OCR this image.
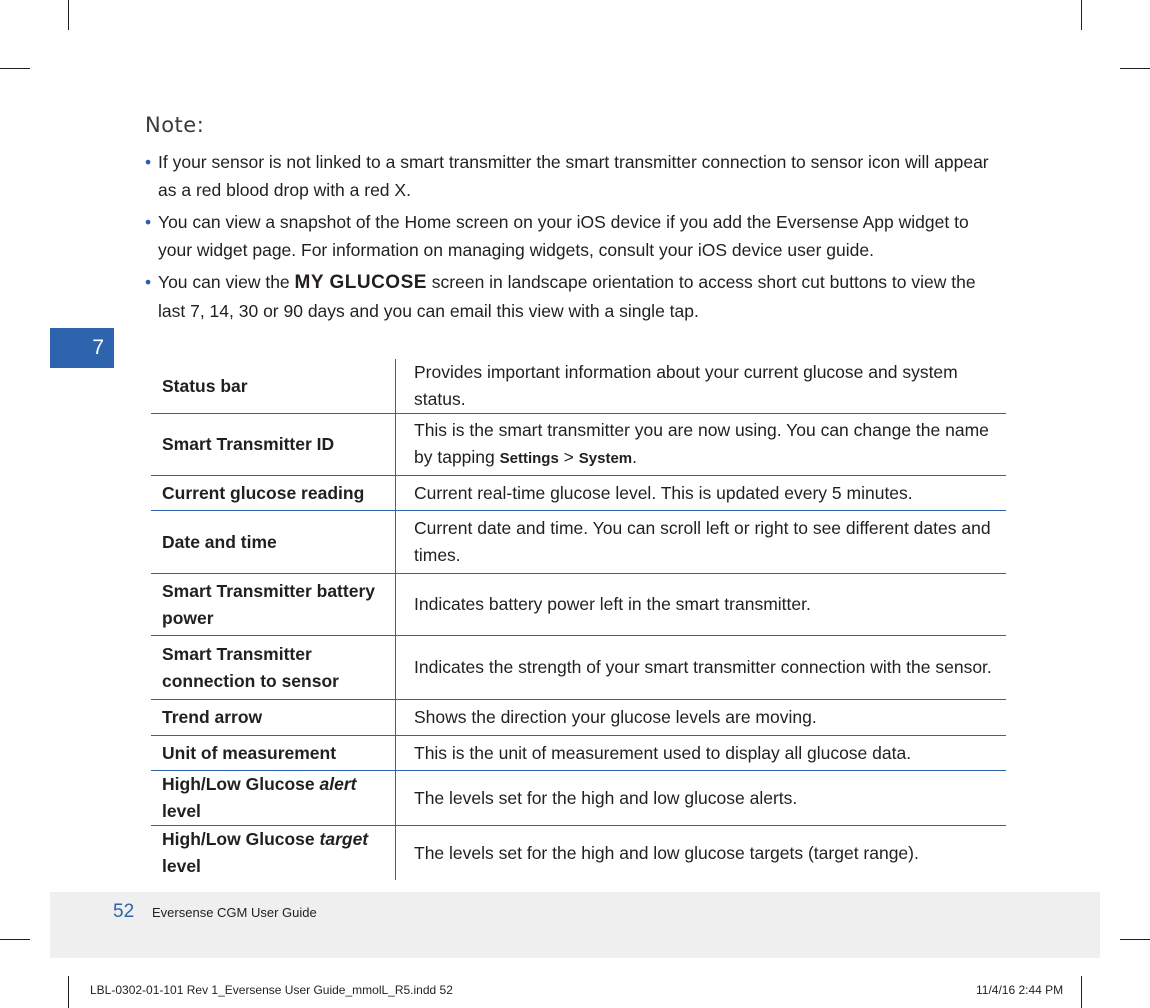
Note:
• If your sensor is not linked to a smart transmitter the smart transmitter connection to sensor icon will appear as a red blood drop with a red X.
• You can view a snapshot of the Home screen on your iOS device if you add the Eversense App widget to your widget page. For information on managing widgets, consult your iOS device user guide.
• You can view the MY GLUCOSE screen in landscape orientation to access short cut buttons to view the last 7, 14, 30 or 90 days and you can email this view with a single tap.
7
Status bar	Provides important information about your current glucose and system status.
Smart Transmitter ID	This is the smart transmitter you are now using. You can change the name by tapping Settings > System.
Current glucose reading	Current real-time glucose level. This is updated every 5 minutes.
Date and time	Current date and time. You can scroll left or right to see different dates and times.
Smart Transmitter battery power	Indicates battery power left in the smart transmitter.
Smart Transmitter connection to sensor	Indicates the strength of your smart transmitter connection with the sensor.
Trend arrow	Shows the direction your glucose levels are moving.
Unit of measurement	This is the unit of measurement used to display all glucose data.
High/Low Glucose alert level	The levels set for the high and low glucose alerts.
High/Low Glucose target level	The levels set for the high and low glucose targets (target range).
52 Eversense CGM User Guide
LBL-0302-01-101 Rev 1_Eversense User Guide_mmolL_R5.indd 52	11/4/16 2:44 PM
